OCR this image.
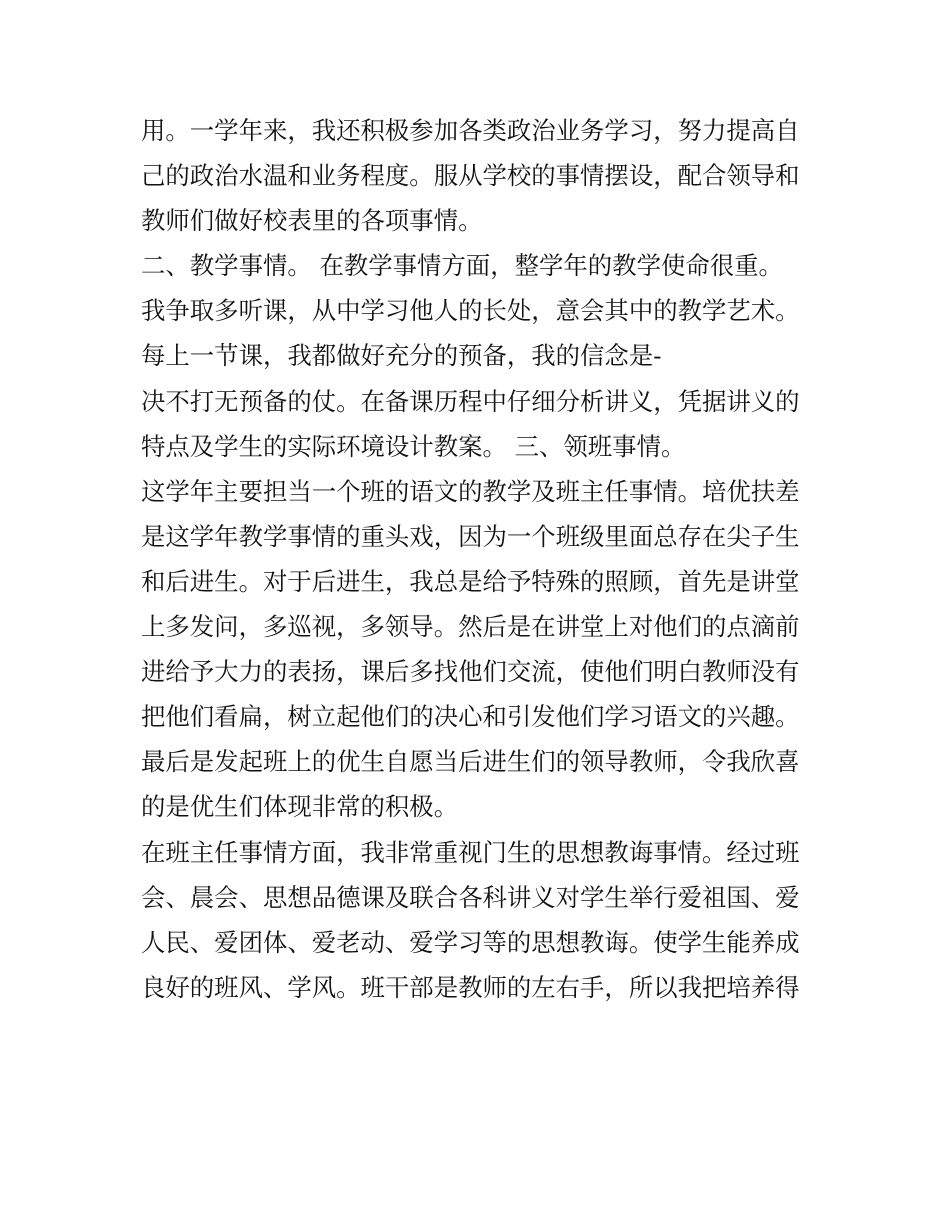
用。一学年来，我还积极参加各类政治业务学习，努力提高自
己的政治水温和业务程度。服从学校的事情摆设，配合领导和
教师们做好校表里的各项事情。
二、教学事情。 在教学事情方面，整学年的教学使命很重。
我争取多听课，从中学习他人的长处，意会其中的教学艺术。
每上一节课，我都做好充分的预备，我的信念是-
决不打无预备的仗。在备课历程中仔细分析讲义，凭据讲义的
特点及学生的实际环境设计教案。 三、领班事情。
这学年主要担当一个班的语文的教学及班主任事情。培优扶差
是这学年教学事情的重头戏，因为一个班级里面总存在尖子生
和后进生。对于后进生，我总是给予特殊的照顾，首先是讲堂
上多发问，多巡视，多领导。然后是在讲堂上对他们的点滴前
进给予大力的表扬，课后多找他们交流，使他们明白教师没有
把他们看扁，树立起他们的决心和引发他们学习语文的兴趣。
最后是发起班上的优生自愿当后进生们的领导教师，令我欣喜
的是优生们体现非常的积极。
在班主任事情方面，我非常重视门生的思想教诲事情。经过班
会、晨会、思想品德课及联合各科讲义对学生举行爱祖国、爱
人民、爱团体、爱老动、爱学习等的思想教诲。使学生能养成
良好的班风、学风。班干部是教师的左右手，所以我把培养得
